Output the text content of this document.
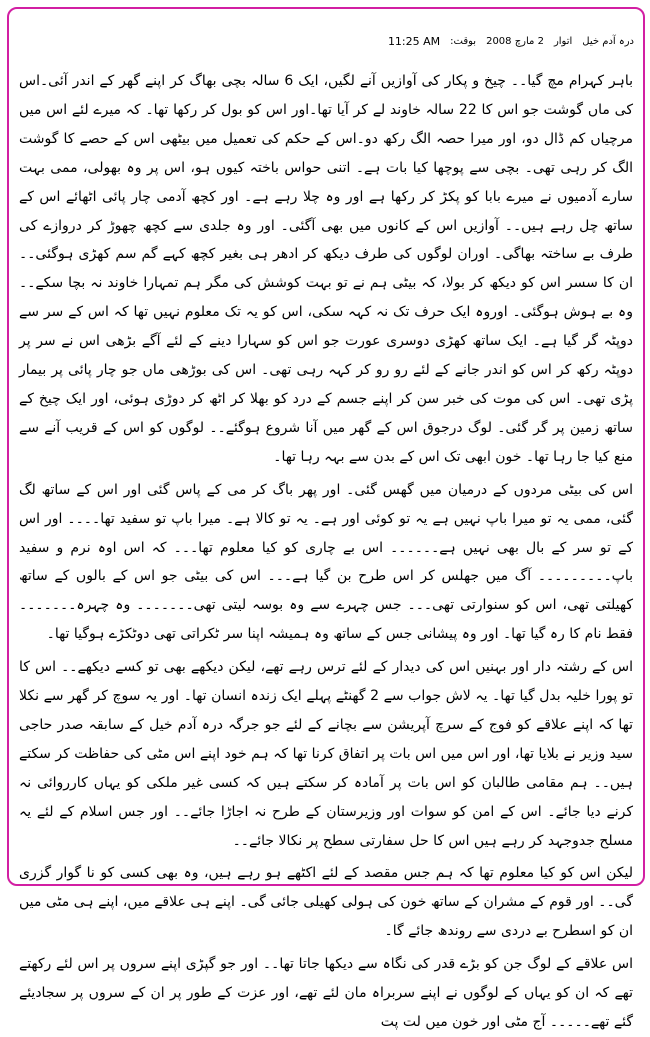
درہ آدم خیل
اتوار
2 مارچ 2008
بوقت:
11:25 AM

باہر کہرام مچ گیا۔۔ چیخ و پکار کی آوازیں آنے لگیں، ایک 6 سالہ بچی بھاگ کر اپنے گھر کے اندر آئی۔اس کی ماں گوشت جو اس کا 22 سالہ خاوند لے کر آیا تھا۔اور اس کو بول کر رکھا تھا۔ کہ میرے لئے اس میں مرچیاں کم ڈال دو، اور میرا حصہ الگ رکھ دو۔اس کے حکم کی تعمیل میں بیٹھی اس کے حصے کا گوشت الگ کر رہی تھی۔ بچی سے پوچھا کیا بات ہے۔ اتنی حواس باختہ کیوں ہو، اس پر وہ بھولی، ممی بہت سارے آدمیوں نے میرے بابا کو پکڑ کر رکھا ہے اور وہ چلا رہے ہے۔ اور کچھ آدمی چار پائی اٹھائے اس کے ساتھ چل رہے ہیں۔۔ آوازیں اس کے کانوں میں بھی آگئی۔ اور وہ جلدی سے کچھ چھوڑ کر دروازے کی طرف بے ساختہ بھاگی۔ اوران لوگوں کی طرف دیکھ کر ادھر ہی بغیر کچھ کہے گم سم کھڑی ہوگئی۔۔ ان کا سسر اس کو دیکھ کر بولا، کہ بیٹی ہم نے تو بہت کوشش کی مگر ہم تمہارا خاوند نہ بچا سکے۔۔ وہ بے ہوش ہوگئی۔ اوروہ ایک حرف تک نہ کہہ سکی، اس کو یہ تک معلوم نہیں تھا کہ اس کے سر سے دوپٹہ گر گیا ہے۔ ایک ساتھ کھڑی دوسری عورت جو اس کو سہارا دینے کے لئے آگے بڑھی اس نے سر پر دوپٹہ رکھ کر اس کو اندر جانے کے لئے رو رو کر کہہ رہی تھی۔ اس کی بوڑھی ماں جو چار پائی پر بیمار پڑی تھی۔ اس کی موت کی خبر سن کر اپنے جسم کے درد کو بھلا کر اٹھ کر دوڑی ہوئی، اور ایک چیخ کے ساتھ زمین پر گر گئی۔ لوگ درجوق اس کے گھر میں آنا شروع ہوگئے۔۔ لوگوں کو اس کے قریب آنے سے منع کیا جا رہا تھا۔ خون ابھی تک اس کے بدن سے بہہ رہا تھا۔

اس کی بیٹی مردوں کے درمیان میں گھس گئی۔ اور پھر باگ کر می کے پاس گئی اور اس کے ساتھ لگ گئی، ممی یہ تو میرا باپ نہیں ہے یہ تو کوئی اور ہے۔ یہ تو کالا ہے۔ میرا باپ تو سفید تھا۔۔۔۔ اور اس کے تو سر کے بال بھی نہیں ہے۔۔۔۔۔۔ اس بے چاری کو کیا معلوم تھا۔۔۔ کہ اس اوہ نرم و سفید باپ۔۔۔۔۔۔۔۔۔ آگ میں جھلس کر اس طرح بن گیا ہے۔۔۔ اس کی بیٹی جو اس کے بالوں کے ساتھ کھیلتی تھی، اس کو سنوارتی تھی۔۔۔ جس چہرے سے وہ بوسہ لیتی تھی۔۔۔۔۔۔۔ وہ چہرہ۔۔۔۔۔۔۔ فقط نام کا رہ گیا تھا۔ اور وہ پیشانی جس کے ساتھ وہ ہمیشہ اپنا سر ٹکراتی تھی دوٹکڑے ہوگیا تھا۔

اس کے رشتہ دار اور بہنیں اس کی دیدار کے لئے ترس رہے تھے، لیکن دیکھے بھی تو کسے دیکھے۔۔ اس کا تو پورا خلیہ بدل گیا تھا۔ یہ لاش جواب سے 2 گھنٹے پہلے ایک زندہ انسان تھا۔ اور یہ سوچ کر گھر سے نکلا تھا کہ اپنے علاقے کو فوج کے سرچ آپریشن سے بچانے کے لئے جو جرگہ درہ آدم خیل کے سابقہ صدر حاجی سید وزیر نے بلایا تھا، اور اس میں اس بات پر اتفاق کرنا تھا کہ ہم خود اپنے اس مٹی کی حفاظت کر سکتے ہیں۔۔ ہم مقامی طالبان کو اس بات پر آمادہ کر سکتے ہیں کہ کسی غیر ملکی کو یہاں کارروائی نہ کرنے دیا جائے۔ اس کے امن کو سوات اور وزیرستان کے طرح نہ اجاڑا جائے۔۔ اور جس اسلام کے لئے یہ مسلح جدوجہد کر رہے ہیں اس کا حل سفارتی سطح پر نکالا جائے۔۔

لیکن اس کو کیا معلوم تھا کہ ہم جس مقصد کے لئے اکٹھے ہو رہے ہیں، وہ بھی کسی کو نا گوار گزری گی۔۔ اور قوم کے مشران کے ساتھ خون کی ہولی کھیلی جائی گی۔ اپنے ہی علاقے میں، اپنے ہی مٹی میں ان کو اسطرح بے دردی سے روندھ جائے گا۔

اس علاقے کے لوگ جن کو بڑے قدر کی نگاہ سے دیکھا جاتا تھا۔۔ اور جو گپڑی اپنے سروں پر اس لئے رکھتے تھے کہ ان کو یہاں کے لوگوں نے اپنے سربراہ مان لئے تھے، اور عزت کے طور پر ان کے سروں پر سجادیئے گئے تھے۔۔۔۔۔ آج مٹی اور خون میں لت پت
